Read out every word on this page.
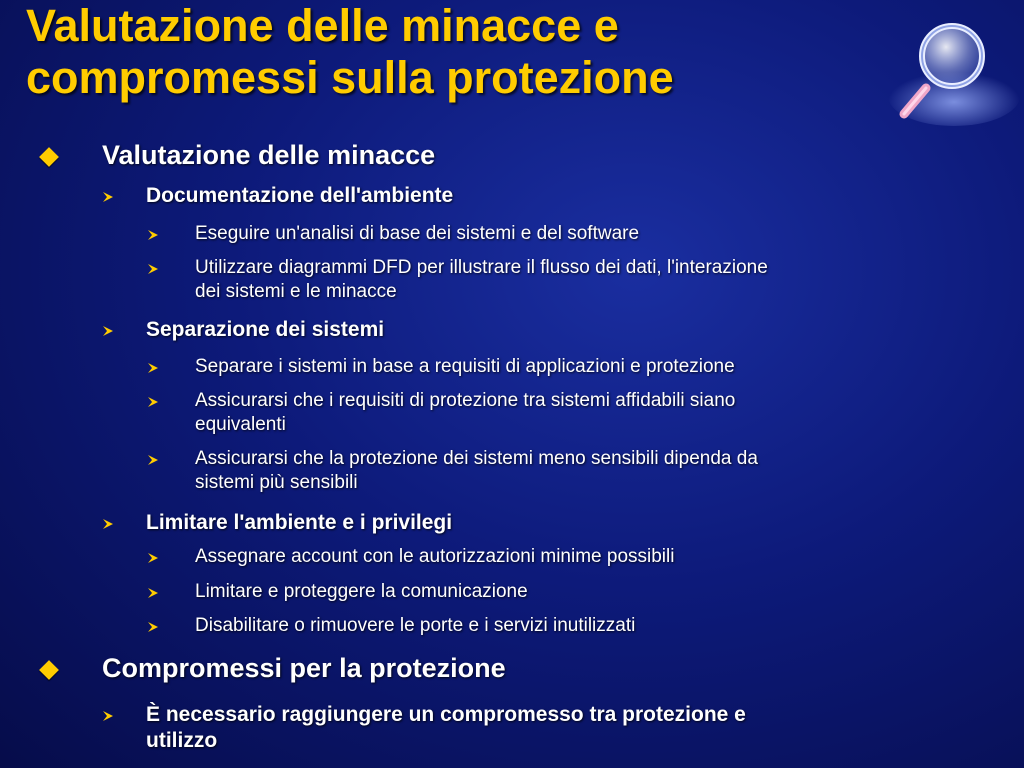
Valutazione delle minacce e
compromessi sulla protezione
Valutazione delle minacce
Documentazione dell'ambiente
Eseguire un'analisi di base dei sistemi e del software
Utilizzare diagrammi DFD per illustrare il flusso dei dati, l'interazione
dei sistemi e le minacce
Separazione dei sistemi
Separare i sistemi in base a requisiti di applicazioni e protezione
Assicurarsi che i requisiti di protezione tra sistemi affidabili siano
equivalenti
Assicurarsi che la protezione dei sistemi meno sensibili dipenda da
sistemi più sensibili
Limitare l'ambiente e i privilegi
Assegnare account con le autorizzazioni minime possibili
Limitare e proteggere la comunicazione
Disabilitare o rimuovere le porte e i servizi inutilizzati
Compromessi per la protezione
È necessario raggiungere un compromesso tra protezione e
utilizzo
